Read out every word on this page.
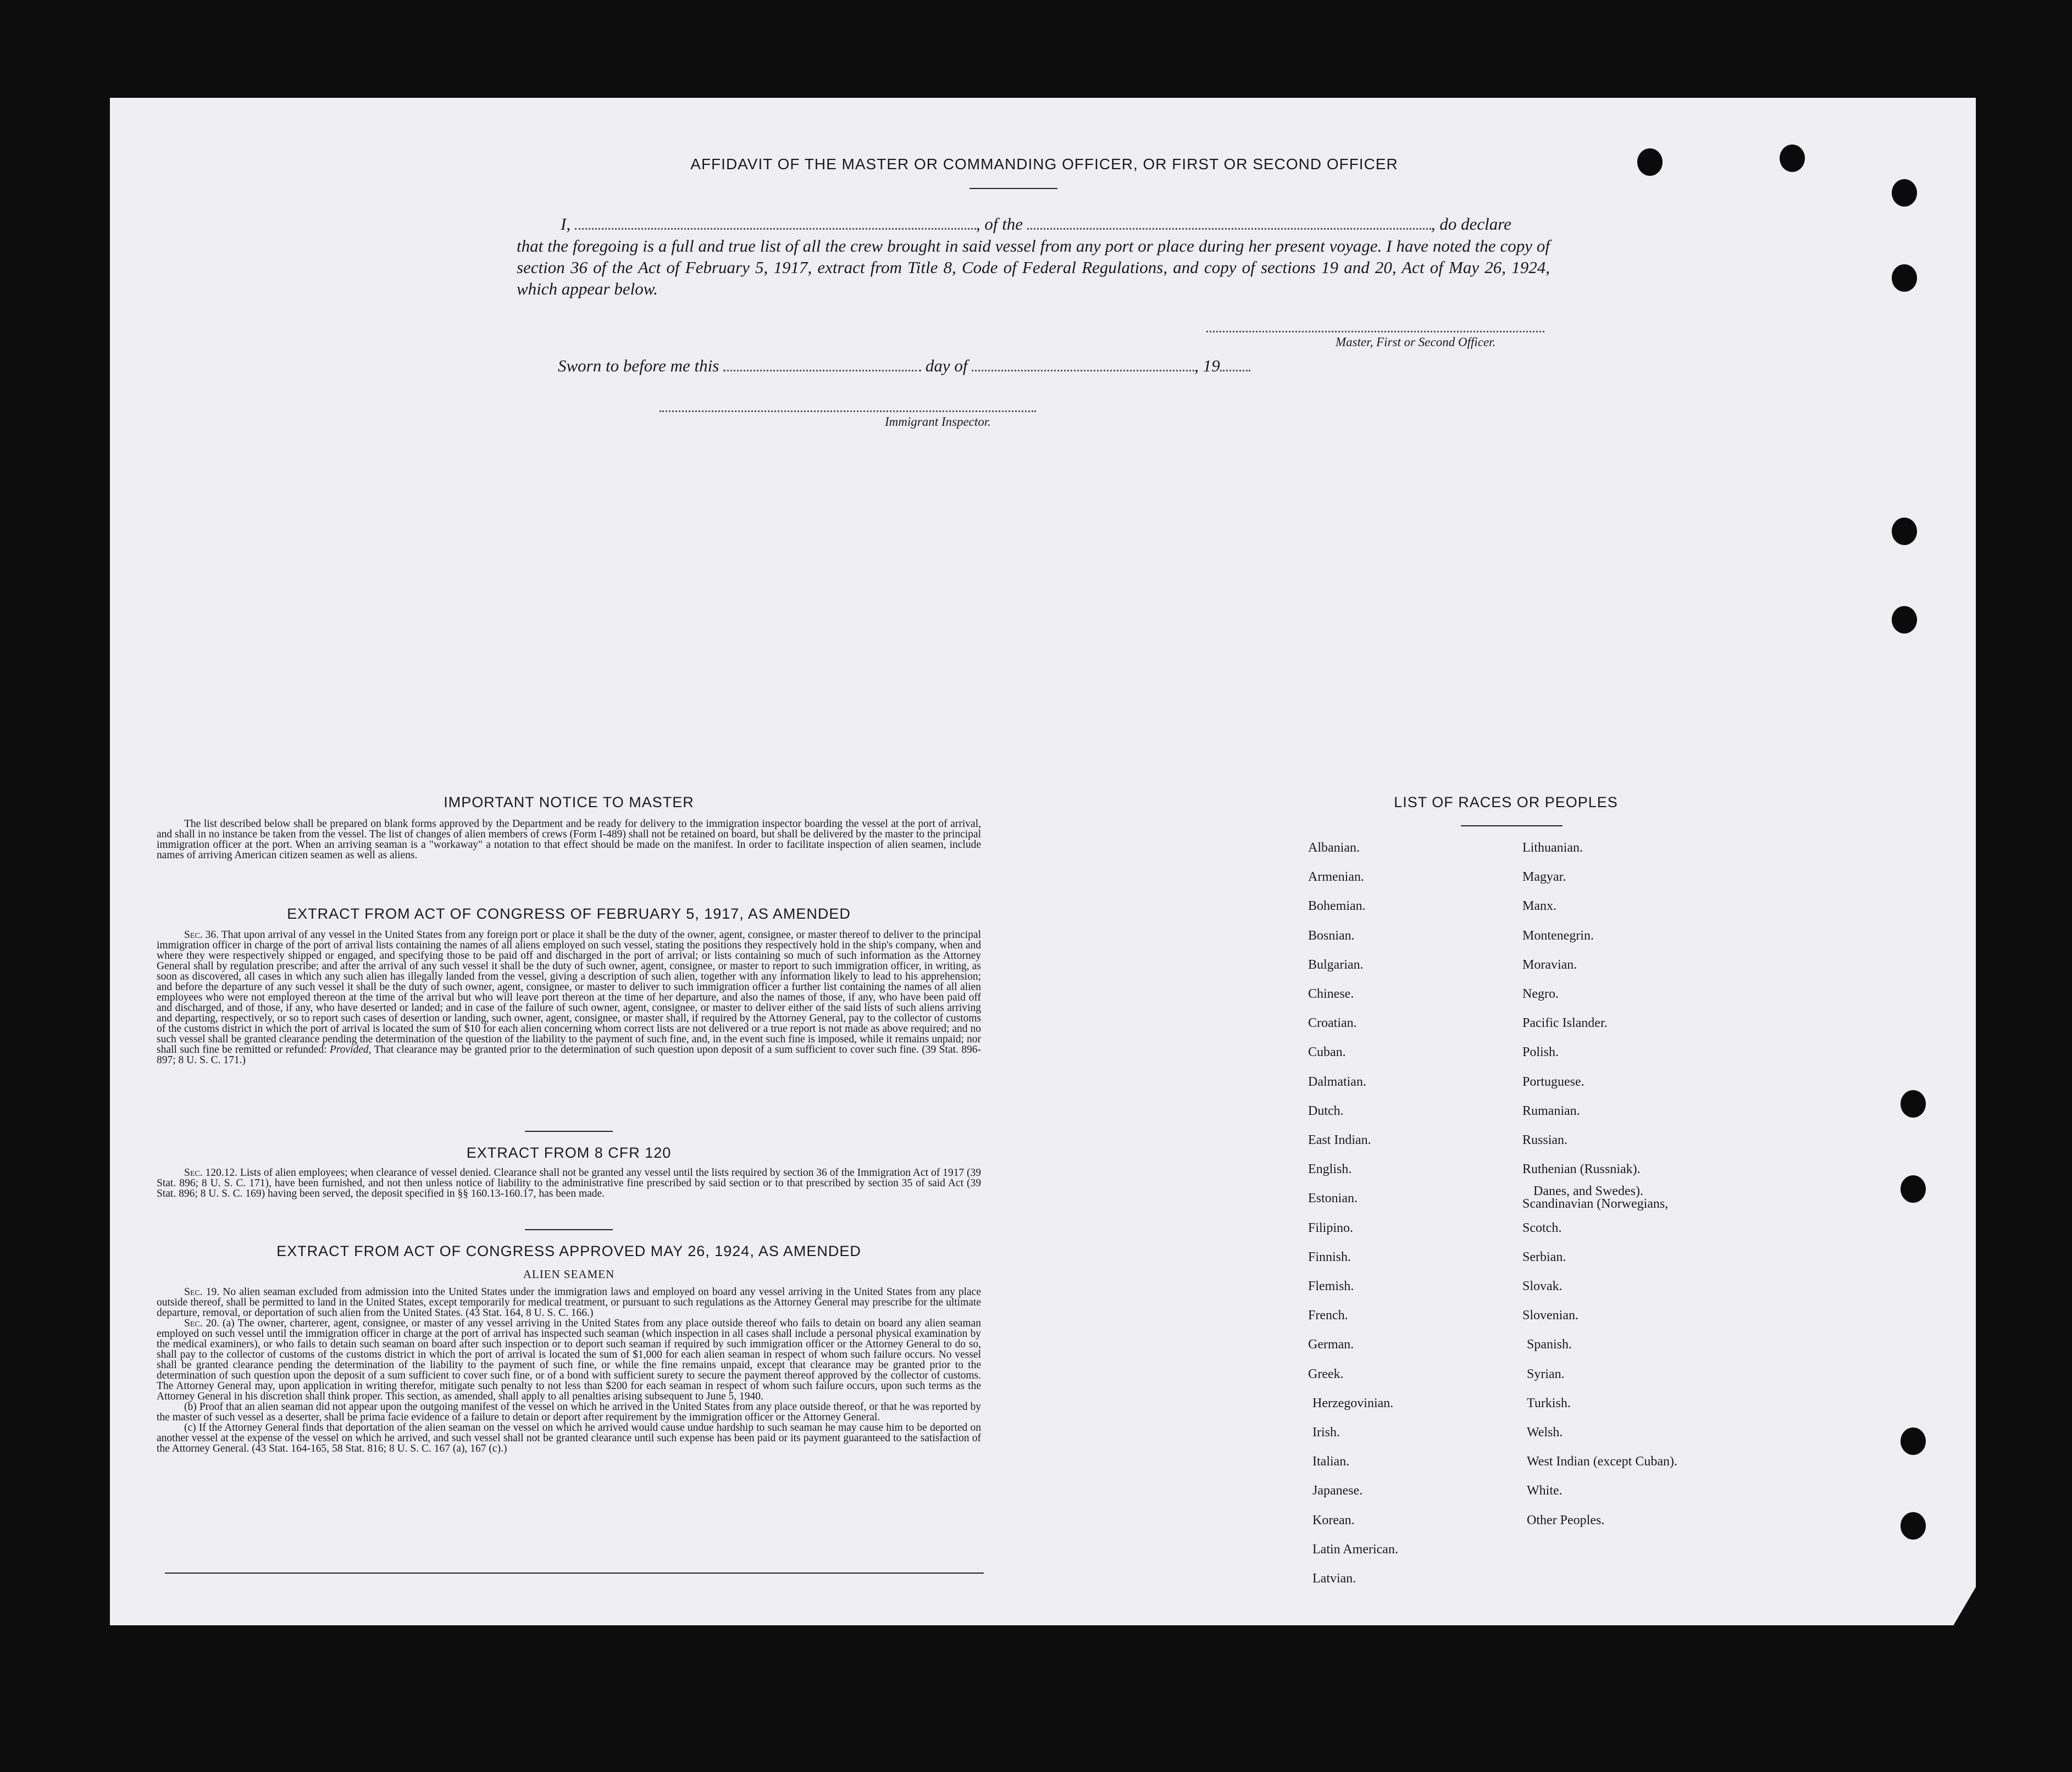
AFFIDAVIT OF THE MASTER OR COMMANDING OFFICER, OR FIRST OR SECOND OFFICER
I,	, of the	, do declare
that the foregoing is a full and true list of all the crew brought in said vessel from any port or place during her present voyage. I have noted the copy of section 36 of the Act of February 5, 1917, extract from Title 8, Code of Federal Regulations, and copy of sections 19 and 20, Act of May 26, 1924, which appear below.
Master, First or Second Officer.
Sworn to before me this	day of	, 19
Immigrant Inspector.
IMPORTANT NOTICE TO MASTER
The list described below shall be prepared on blank forms approved by the Department and be ready for delivery to the immigration inspector boarding the vessel at the port of arrival, and shall in no instance be taken from the vessel. The list of changes of alien members of crews (Form I-489) shall not be retained on board, but shall be delivered by the master to the principal immigration officer at the port. When an arriving seaman is a "workaway" a notation to that effect should be made on the manifest. In order to facilitate inspection of alien seamen, include names of arriving American citizen seamen as well as aliens.
EXTRACT FROM ACT OF CONGRESS OF FEBRUARY 5, 1917, AS AMENDED
Sec. 36. That upon arrival of any vessel in the United States from any foreign port or place it shall be the duty of the owner, agent, consignee, or master thereof to deliver to the principal immigration officer in charge of the port of arrival lists containing the names of all aliens employed on such vessel, stating the positions they respectively hold in the ship's company, when and where they were respectively shipped or engaged, and specifying those to be paid off and discharged in the port of arrival; or lists containing so much of such information as the Attorney General shall by regulation prescribe; and after the arrival of any such vessel it shall be the duty of such owner, agent, consignee, or master to report to such immigration officer, in writing, as soon as discovered, all cases in which any such alien has illegally landed from the vessel, giving a description of such alien, together with any information likely to lead to his apprehension; and before the departure of any such vessel it shall be the duty of such owner, agent, consignee, or master to deliver to such immigration officer a further list containing the names of all alien employees who were not employed thereon at the time of the arrival but who will leave port thereon at the time of her departure, and also the names of those, if any, who have been paid off and discharged, and of those, if any, who have deserted or landed; and in case of the failure of such owner, agent, consignee, or master to deliver either of the said lists of such aliens arriving and departing, respectively, or so to report such cases of desertion or landing, such owner, agent, consignee, or master shall, if required by the Attorney General, pay to the collector of customs of the customs district in which the port of arrival is located the sum of $10 for each alien concerning whom correct lists are not delivered or a true report is not made as above required; and no such vessel shall be granted clearance pending the determination of the question of the liability to the payment of such fine, and, in the event such fine is imposed, while it remains unpaid; nor shall such fine be remitted or refunded: Provided, That clearance may be granted prior to the determination of such question upon deposit of a sum sufficient to cover such fine. (39 Stat. 896-897; 8 U. S. C. 171.)
EXTRACT FROM 8 CFR 120
Sec. 120.12. Lists of alien employees; when clearance of vessel denied. Clearance shall not be granted any vessel until the lists required by section 36 of the Immigration Act of 1917 (39 Stat. 896; 8 U. S. C. 171), have been furnished, and not then unless notice of liability to the administrative fine prescribed by said section or to that prescribed by section 35 of said Act (39 Stat. 896; 8 U. S. C. 169) having been served, the deposit specified in §§ 160.13-160.17, has been made.
EXTRACT FROM ACT OF CONGRESS APPROVED MAY 26, 1924, AS AMENDED
ALIEN SEAMEN

Sec. 19. No alien seaman excluded from admission into the United States under the immigration laws and employed on board any vessel arriving in the United States from any place outside thereof, shall be permitted to land in the United States, except temporarily for medical treatment, or pursuant to such regulations as the Attorney General may prescribe for the ultimate departure, removal, or deportation of such alien from the United States. (43 Stat. 164, 8 U. S. C. 166.)

Sec. 20. (a) The owner, charterer, agent, consignee, or master of any vessel arriving in the United States from any place outside thereof who fails to detain on board any alien seaman employed on such vessel until the immigration officer in charge at the port of arrival has inspected such seaman (which inspection in all cases shall include a personal physical examination by the medical examiners), or who fails to detain such seaman on board after such inspection or to deport such seaman if required by such immigration officer or the Attorney General to do so, shall pay to the collector of customs of the customs district in which the port of arrival is located the sum of $1,000 for each alien seaman in respect of whom such failure occurs. No vessel shall be granted clearance pending the determination of the liability to the payment of such fine, or while the fine remains unpaid, except that clearance may be granted prior to the determination of such question upon the deposit of a sum sufficient to cover such fine, or of a bond with sufficient surety to secure the payment thereof approved by the collector of customs. The Attorney General may, upon application in writing therefor, mitigate such penalty to not less than $200 for each seaman in respect of whom such failure occurs, upon such terms as the Attorney General in his discretion shall think proper. This section, as amended, shall apply to all penalties arising subsequent to June 5, 1940.

(b) Proof that an alien seaman did not appear upon the outgoing manifest of the vessel on which he arrived in the United States from any place outside thereof, or that he was reported by the master of such vessel as a deserter, shall be prima facie evidence of a failure to detain or deport after requirement by the immigration officer or the Attorney General.

(c) If the Attorney General finds that deportation of the alien seaman on the vessel on which he arrived would cause undue hardship to such seaman he may cause him to be deported on another vessel at the expense of the vessel on which he arrived, and such vessel shall not be granted clearance until such expense has been paid or its payment guaranteed to the satisfaction of the Attorney General. (43 Stat. 164-165, 58 Stat. 816; 8 U. S. C. 167 (a), 167 (c).)

LIST OF RACES OR PEOPLES
Albanian.
Armenian.
Bohemian.
Bosnian.
Bulgarian.
Chinese.
Croatian.
Cuban.
Dalmatian.
Dutch.
East Indian.
English.
Estonian.
Filipino.
Finnish.
Flemish.
French.
German.
Greek.
Herzegovinian.
Irish.
Italian.
Japanese.
Korean.
Latin American.
Latvian.
Lithuanian.
Magyar.
Manx.
Montenegrin.
Moravian.
Negro.
Pacific Islander.
Polish.
Portuguese.
Rumanian.
Russian.
Ruthenian (Russniak).
Scandinavian (Norwegians,
Danes, and Swedes).
Scotch.
Serbian.
Slovak.
Slovenian.
Spanish.
Syrian.
Turkish.
Welsh.
West Indian (except Cuban).
White.
Other Peoples.
